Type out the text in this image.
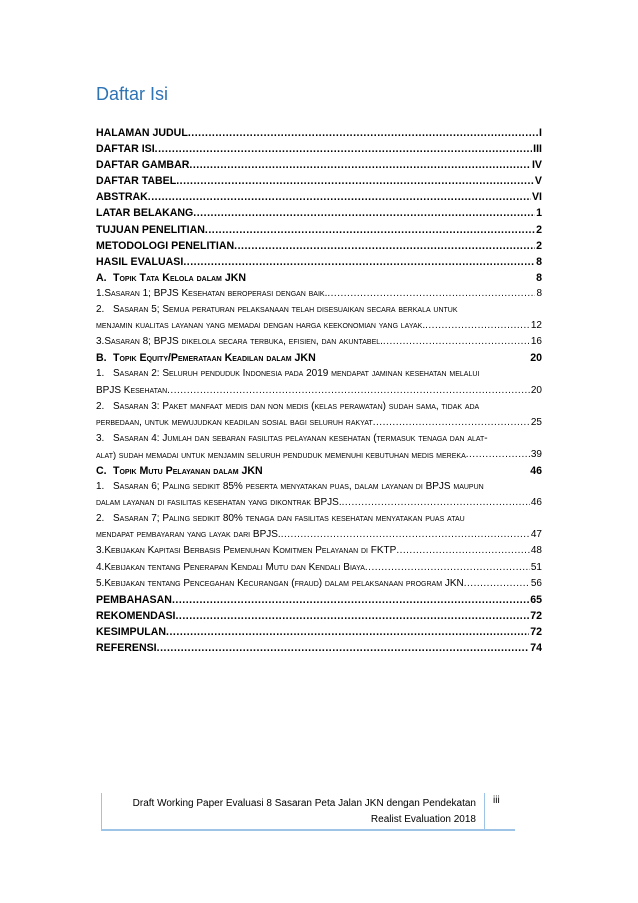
Daftar Isi
HALAMAN JUDUL .....	I
DAFTAR ISI .....	III
DAFTAR GAMBAR .....	IV
DAFTAR TABEL .....	V
ABSTRAK .....	VI
LATAR BELAKANG .....	1
TUJUAN PENELITIAN .....	2
METODOLOGI PENELITIAN .....	2
HASIL EVALUASI .....	8
A. Topik Tata Kelola dalam JKN	8
1. Sasaran 1; BPJS Kesehatan beroperasi dengan baik. .....	8
2. Sasaran 5; Semua peraturan pelaksanaan telah disesuaikan secara berkala untuk
menjamin kualitas layanan yang memadai dengan harga keekonomian yang layak. .....	12
3. Sasaran 8; BPJS dikelola secara terbuka, efisien, dan akuntabel. .....	16
B. Topik Equity/Pemerataan Keadilan dalam JKN	20
1. Sasaran 2: Seluruh penduduk Indonesia pada 2019 mendapat jaminan kesehatan melalui
BPJS Kesehatan .....	20
2. Sasaran 3: Paket manfaat medis dan non medis (kelas perawatan) sudah sama, tidak ada
perbedaan, untuk mewujudkan keadilan sosial bagi seluruh rakyat .....	25
3. Sasaran 4: Jumlah dan sebaran fasilitas pelayanan kesehatan (termasuk tenaga dan alat-
alat) sudah memadai untuk menjamin seluruh penduduk memenuhi kebutuhan medis mereka .....	39
C. Topik Mutu Pelayanan dalam JKN	46
1. Sasaran 6; Paling sedikit 85% peserta menyatakan puas, dalam layanan di BPJS maupun
dalam layanan di fasilitas kesehatan yang dikontrak BPJS. .....	46
2. Sasaran 7; Paling sedikit 80% tenaga dan fasilitas kesehatan menyatakan puas atau
mendapat pembayaran yang layak dari BPJS. .....	47
3. Kebijakan Kapitasi Berbasis Pemenuhan Komitmen Pelayanan di FKTP .....	48
4. Kebijakan tentang Penerapan Kendali Mutu dan Kendali Biaya .....	51
5. Kebijakan tentang Pencegahan Kecurangan (fraud) dalam pelaksanaan program JKN .....	56
PEMBAHASAN .....	65
REKOMENDASI .....	72
KESIMPULAN .....	72
REFERENSI .....	74
Draft Working Paper Evaluasi 8 Sasaran Peta Jalan JKN dengan Pendekatan Realist Evaluation 2018
iii
